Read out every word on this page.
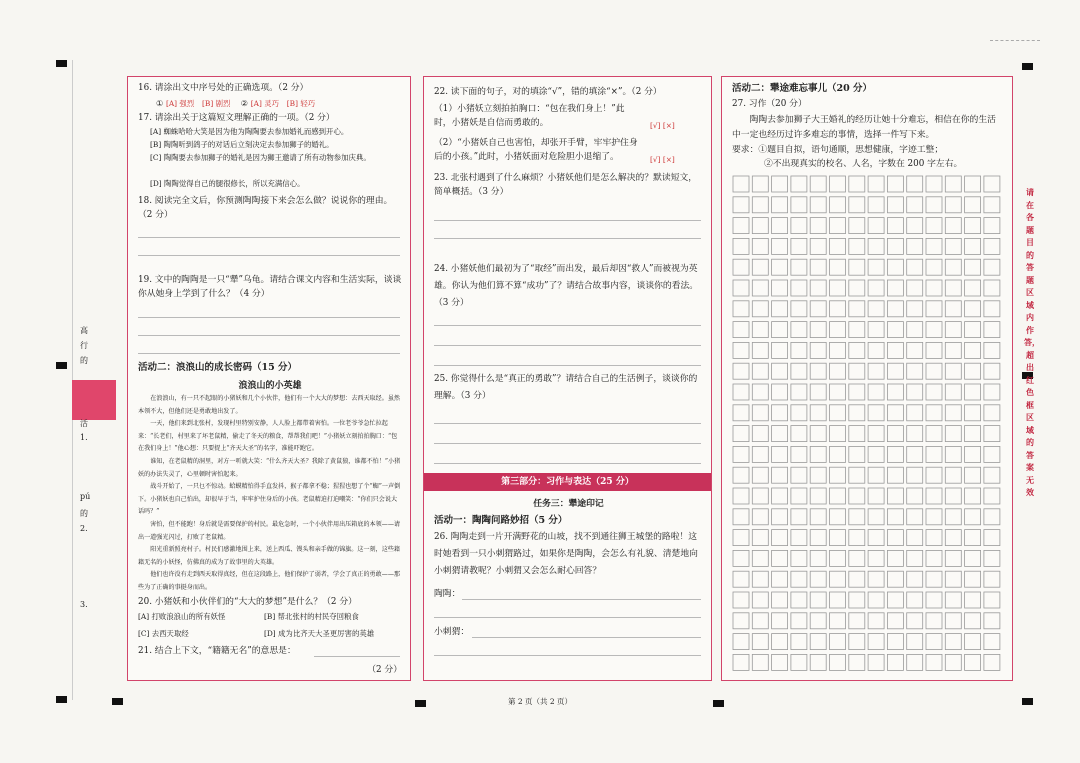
高
行
的
活
1.
pú
的
2.
3.
16. 请涂出文中序号处的正确选项。（2 分）
① [A] 强烈 [B] 剧烈 ② [A] 灵巧 [B] 轻巧
17. 请涂出关于这篇短文理解正确的一项。（2 分）
[A] 蜘蛛哈哈大笑是因为他为陶陶要去参加婚礼而感到开心。
[B] 陶陶听到鸽子的对话后立刻决定去参加狮子的婚礼。
[C] 陶陶要去参加狮子的婚礼是因为狮王邀请了所有动物参加庆典。
[D] 陶陶觉得自己的腿很修长，所以充满信心。
18. 阅读完全文后，你预测陶陶接下来会怎么做？说说你的理由。（2 分）
19. 文中的陶陶是一只“犟”乌龟。请结合课文内容和生活实际，谈谈你从她身上学到了什么？（4 分）
活动二：浪浪山的成长密码（15 分）
浪浪山的小英雄

在浪浪山，有一只不起眼的小猪妖和几个小伙伴，他们有一个大大的梦想：去西天取经。虽然本领不大，但他们还是勇敢地出发了。

一天，他们来到北张村，发现村里特别安静，人人脸上都带着害怕。一位老爷爷急忙拉起来：“长老们，村里来了坏老鼠精，偷走了冬天的粮食，帮帮我们吧！”小猪妖立刻拍拍胸口：“包在我们身上！”他心想：只要捉上“齐天大圣”的名字，准能吓跑它。

谁知，在老鼠精的洞里，对方一听就大笑：“什么齐天大圣？我除了黄鼠狼，谁都不怕！”小猪妖的办法失灵了，心里顿时害怕起来。

战斗开始了，一只乜不惊动。蛤蟆精怕得手直发抖，猴子都拿不稳；猩猩也想了个“蜘”一声倒下。小猪妖也自己怕出，却很早于当，牢牢护住身后的小孩。老鼠精迫打迫嘲笑：“你们只会说大话吗？”

害怕，但不能跑！身后就是需要保护的村民。最危急时，一个小伙伴用出压箱底的本领——请出一道强光闪过，打败了老鼠精。

阳光重新照亮村子。村民们感激地围上来，送上西瓜、馒头和亲手做的锦旗。这一刻，这些籍籍无名的小妖怪，仿佛真的成为了故事里的大英雄。

他们也许没有走到西天取得真经，但在这段路上，他们保护了弱者，学会了真正的勇敢——那些为了正确的事挺身而出。

20. 小猪妖和小伙伴们的“大大的梦想”是什么？（2 分）
[A] 打败浪浪山的所有妖怪	[B] 帮北张村的村民夺回粮食
[C] 去西天取经	[D] 成为比齐天大圣更厉害的英雄
21. 结合上下文，“籍籍无名”的意思是：
（2 分）
22. 读下面的句子，对的填涂“√”，错的填涂“×”。（2 分）
（1）小猪妖立刻拍拍胸口：“包在我们身上！”此时，小猪妖是自信而勇敢的。	[√] [×]
（2）“小猪妖自己也害怕，却张开手臂，牢牢护住身后的小孩。”此时，小猪妖面对危险胆小退缩了。	[√] [×]
23. 北张村遇到了什么麻烦？小猪妖他们是怎么解决的？默读短文，简单概括。（3 分）
24. 小猪妖他们最初为了“取经”而出发，最后却因“救人”而被视为英雄。你认为他们算不算“成功”了？请结合故事内容，谈谈你的看法。（3 分）
25. 你觉得什么是“真正的勇敢”？请结合自己的生活例子，谈谈你的理解。（3 分）
第三部分：习作与表达（25 分）
任务三：犟途印记
活动一：陶陶问路妙招（5 分）
26. 陶陶走到一片开满野花的山坡，找不到通往狮王城堡的路啦！这时她看到一只小刺猬路过，如果你是陶陶，会怎么有礼貌、清楚地向小刺猬请教呢？小刺猬又会怎么耐心回答？
陶陶：
小刺猬：
活动二：犟途难忘事儿（20 分）
27. 习作（20 分）
陶陶去参加狮子大王婚礼的经历让她十分难忘，相信在你的生活中一定也经历过许多难忘的事情，选择一件写下来。
要求：①题目自拟，语句通顺，思想健康，字迹工整；
②不出现真实的校名、人名，字数在 200 字左右。
请在各题目的答题区域内作答，超出红色框区域的答案无效
第 2 页（共 2 页）
